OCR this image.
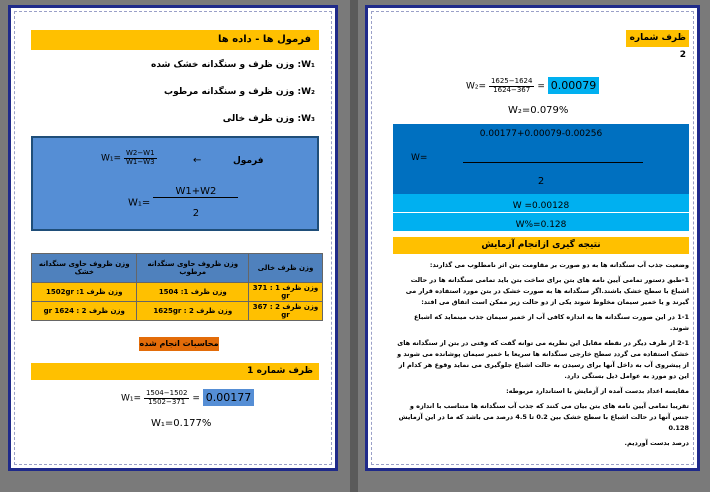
فرمول ها - داده ها
W₁: وزن ظرف و سنگدانه خشک شده
W₂: وزن ظرف و سنگدانه مرطوب
W₃: وزن ظرف خالی
$W_1= \frac{W2-W1}{W1-W3}$	←	فرمول
$W_1= \frac{W1+W2}{2}$
وزن ظرف خالی	وزن ظروف حاوی سنگدانه مرطوب	وزن ظروف حاوی سنگدانه خشک
وزن ظرف 1 : 371 gr	وزن ظرف 1: 1504	وزن ظرف 1: 1502gr
وزن ظرف 2 : 367 gr	وزن ظرف 2 : 1625gr	وزن ظرف 2 : 1624 gr
محاسبات انجام شده
ظرف شماره 1
$W_1= \frac{1504-1502}{1502-371} = 0.00177$
W₁=0.177%
ظرف شماره 2
$W_2= \frac{1625-1624}{1624-367} = 0.00079$
W₂=0.079%
0.00177+0.00079-0.00256
W=
2
W =0.00128
W%=0.128
نتیجه گیری ازانجام آزمایش
وضعیت جذب آب سنگدانه ها به دو صورت بر مقاومت بتن اثر نامطلوب می گذارند:
1-طبق دستور تمامی آیین نامه های بتن برای ساخت بتن باید تمامی سنگدانه ها در حالت اشباع با سطح خشک باشند.اگر سنگدانه ها به صورت خشک در بتن مورد استفاده قرار می گیرند و یا خمیر سیمان مخلوط شوند یکی از دو حالت زیر ممکن است اتفاق می افتد:
1-1 در این صورت سنگدانه ها به اندازه کافی آب از خمیر سیمان جذب مینماید که اشباع شوند.
2-1 از طرف دیگر در نقطه مقابل این نظریه می توانه گفت که وقتی در بتن از سنگدانه های خشک استفاده می گردد سطح خارجی سنگدانه ها سریعا با خمیر سیمان پوشانده می شوند و از پیشروی آب به داخل آنها برای رسیدن به حالت اشباع جلوگیری می نماید وقوع هر کدام از این دو مورد به عوامل ذیل بستگی دارد.
مقایسه اعداد بدست آمده از آزمایش با استاندارد مربوطه:
تقریبا تمامی آیین نامه های بتن بیان می کنند که جذب آب سنگدانه ها متناسب با اندازه و جنس آنها در حالت اشباع با سطح خشک بین 0.2 تا 4.5 درصد می باشد که ما در این آزمایش 0.128
درصد بدست آوردیم.
